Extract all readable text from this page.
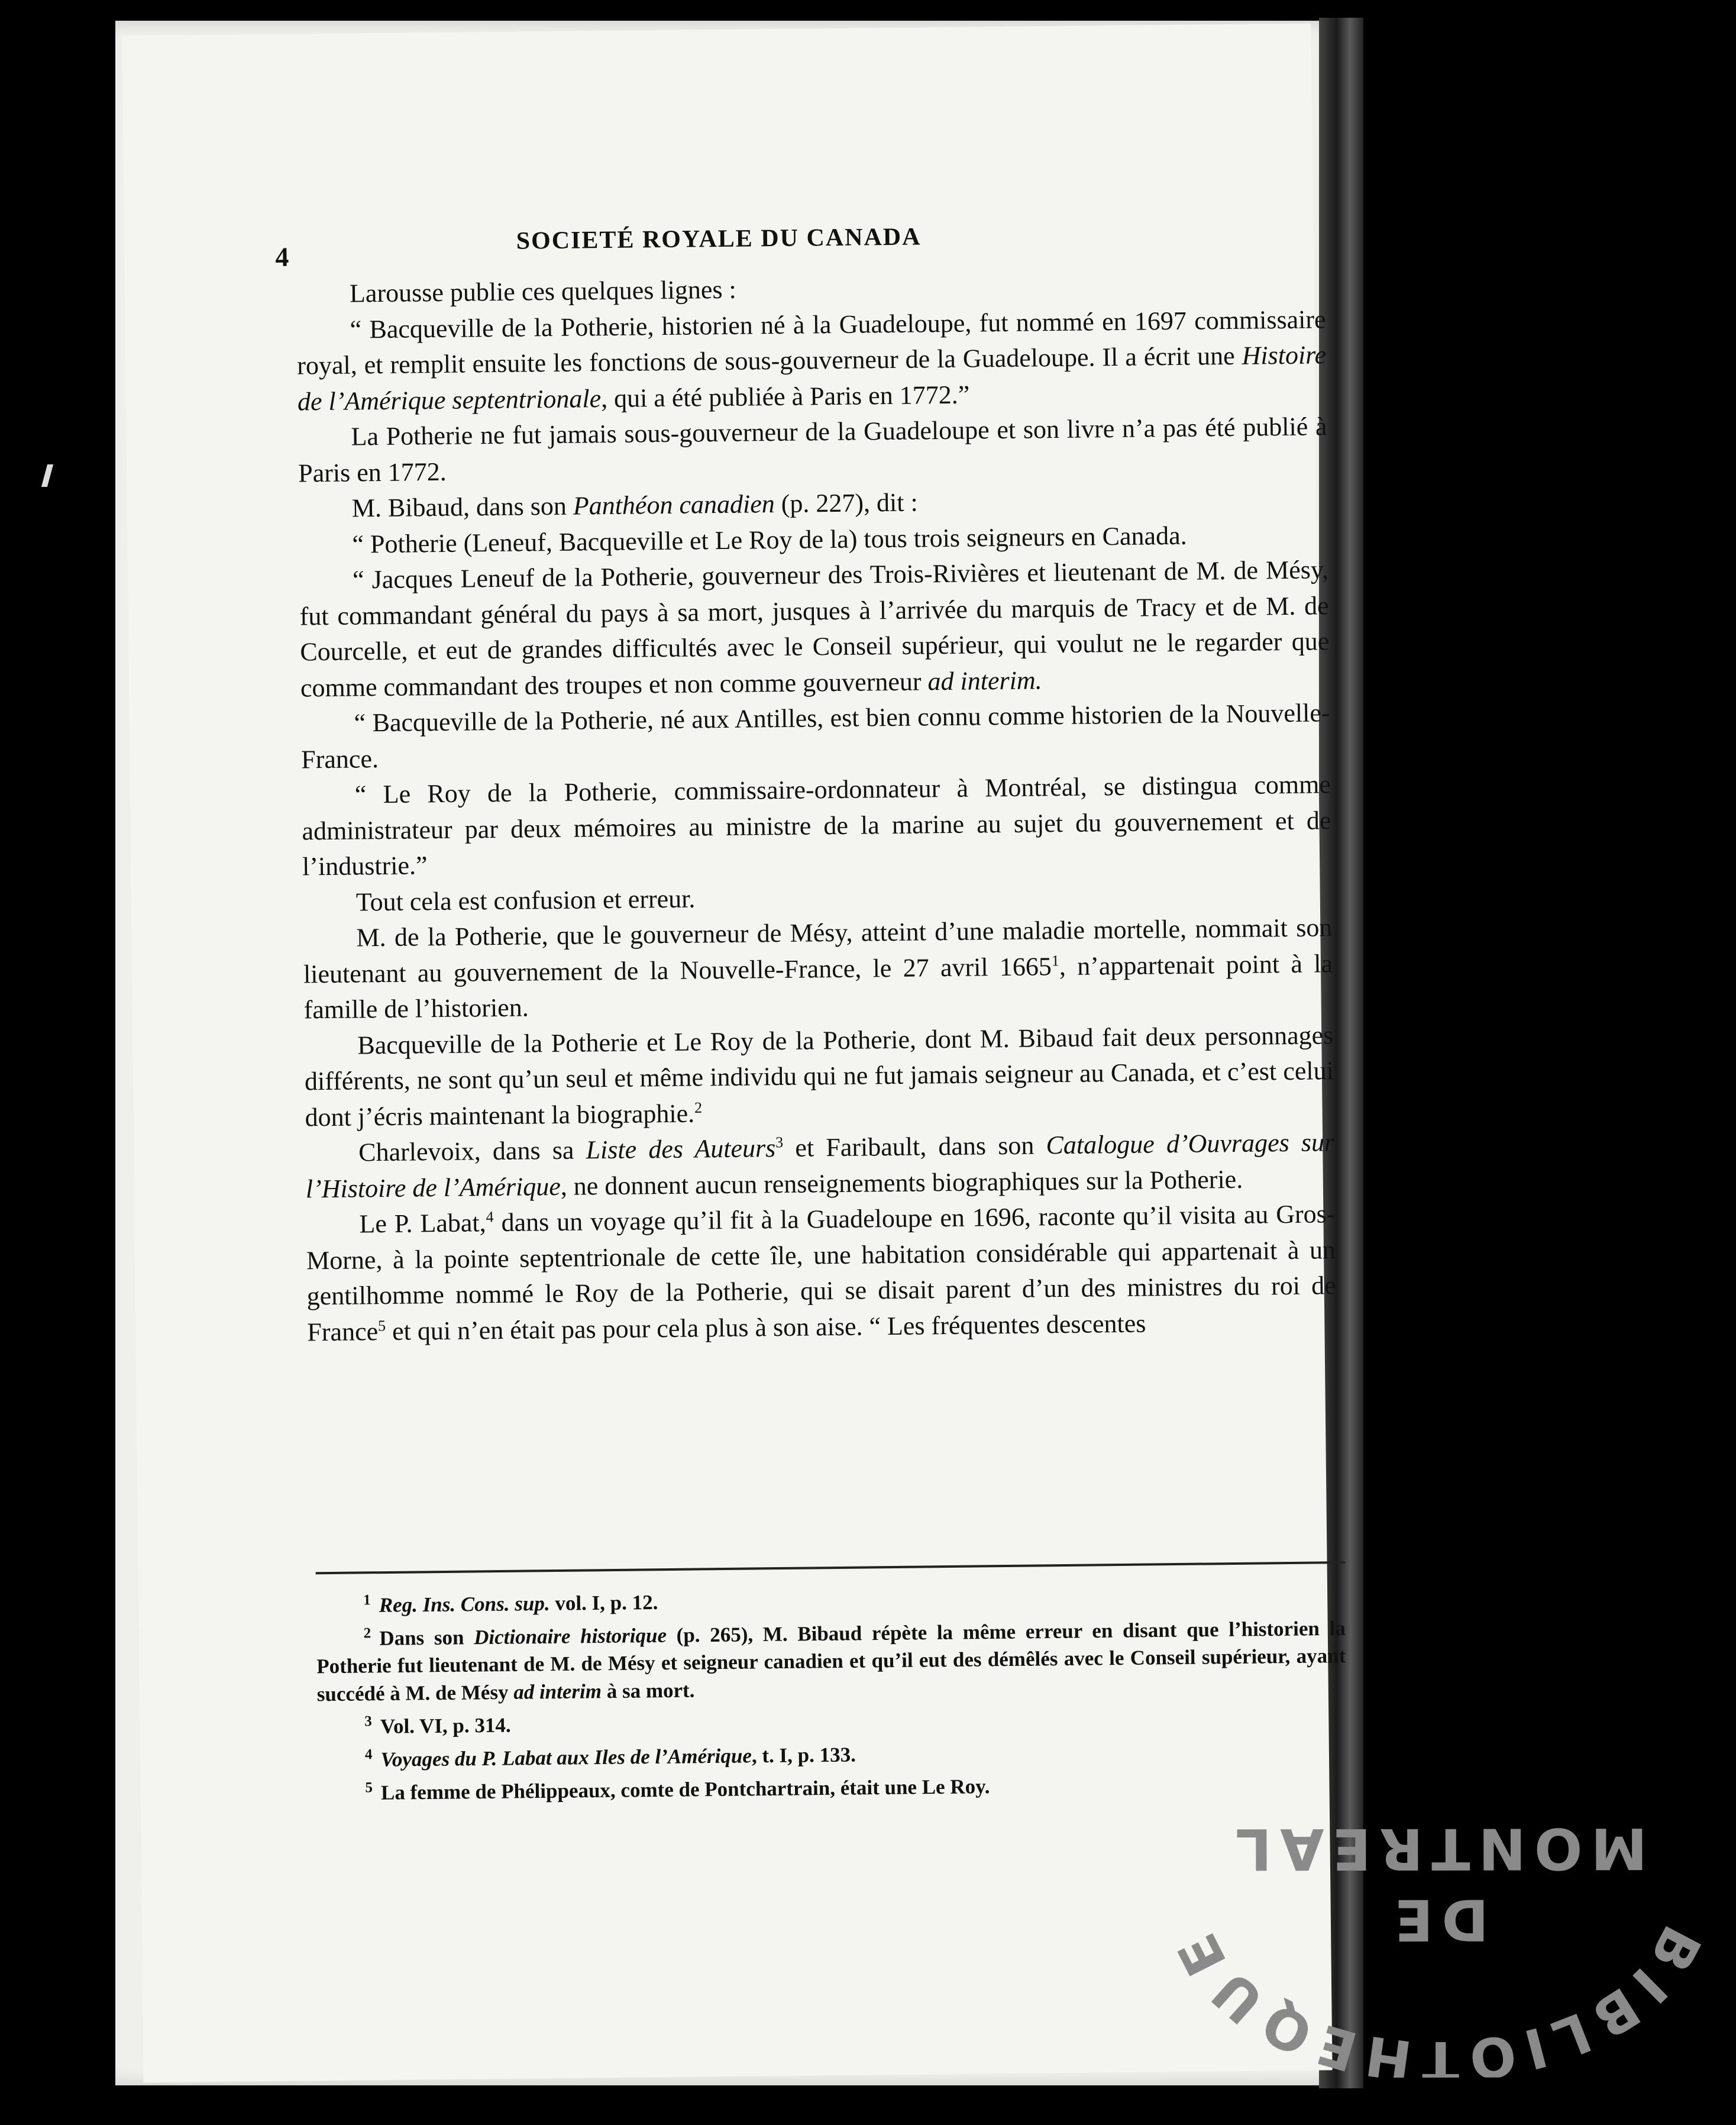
4
SOCIETÉ ROYALE DU CANADA

Larousse publie ces quelques lignes :

“ Bacqueville de la Potherie, historien né à la Guadeloupe, fut nommé en 1697 commissaire royal, et remplit ensuite les fonctions de sous-gouverneur de la Guadeloupe. Il a écrit une Histoire de l’Amérique septentrionale, qui a été publiée à Paris en 1772.”

La Potherie ne fut jamais sous-gouverneur de la Guadeloupe et son livre n’a pas été publié à Paris en 1772.

M. Bibaud, dans son Panthéon canadien (p. 227), dit :

“ Potherie (Leneuf, Bacqueville et Le Roy de la) tous trois seigneurs en Canada.

“ Jacques Leneuf de la Potherie, gouverneur des Trois-Rivières et lieutenant de M. de Mésy, fut commandant général du pays à sa mort, jusques à l’arrivée du marquis de Tracy et de M. de Courcelle, et eut de grandes difficultés avec le Conseil supérieur, qui voulut ne le regarder que comme commandant des troupes et non comme gouverneur ad interim.

“ Bacqueville de la Potherie, né aux Antilles, est bien connu comme historien de la Nouvelle-France.

“ Le Roy de la Potherie, commissaire-ordonnateur à Montréal, se distingua comme administrateur par deux mémoires au ministre de la marine au sujet du gouvernement et de l’industrie.”

Tout cela est confusion et erreur.

M. de la Potherie, que le gouverneur de Mésy, atteint d’une maladie mortelle, nommait son lieutenant au gouvernement de la Nouvelle-France, le 27 avril 1665$^1$, n’appartenait point à la famille de l’historien.

Bacqueville de la Potherie et Le Roy de la Potherie, dont M. Bibaud fait deux personnages différents, ne sont qu’un seul et même individu qui ne fut jamais seigneur au Canada, et c’est celui dont j’écris maintenant la biographie.$^2$

Charlevoix, dans sa Liste des Auteurs$^3$ et Faribault, dans son Catalogue d’Ouvrages sur l’Histoire de l’Amérique, ne donnent aucun renseignements biographiques sur la Potherie.

Le P. Labat,$^4$ dans un voyage qu’il fit à la Guadeloupe en 1696, raconte qu’il visita au Gros-Morne, à la pointe septentrionale de cette île, une habitation considérable qui appartenait à un gentilhomme nommé le Roy de la Potherie, qui se disait parent d’un des ministres du roi de France$^5$ et qui n’en était pas pour cela plus à son aise. “ Les fréquentes descentes

$^1$ Reg. Ins. Cons. sup. vol. I, p. 12.

$^2$ Dans son Dictionaire historique (p. 265), M. Bibaud répète la même erreur en disant que l’historien la Potherie fut lieutenant de M. de Mésy et seigneur canadien et qu’il eut des démêlés avec le Conseil supérieur, ayant succédé à M. de Mésy ad interim à sa mort.

$^3$ Vol. VI, p. 314.

$^4$ Voyages du P. Labat aux Iles de l’Amérique, t. I, p. 133.

$^5$ La femme de Phélippeaux, comte de Pontchartrain, était une Le Roy.

BIBLIOTHEQUE	DE
MONTREAL
